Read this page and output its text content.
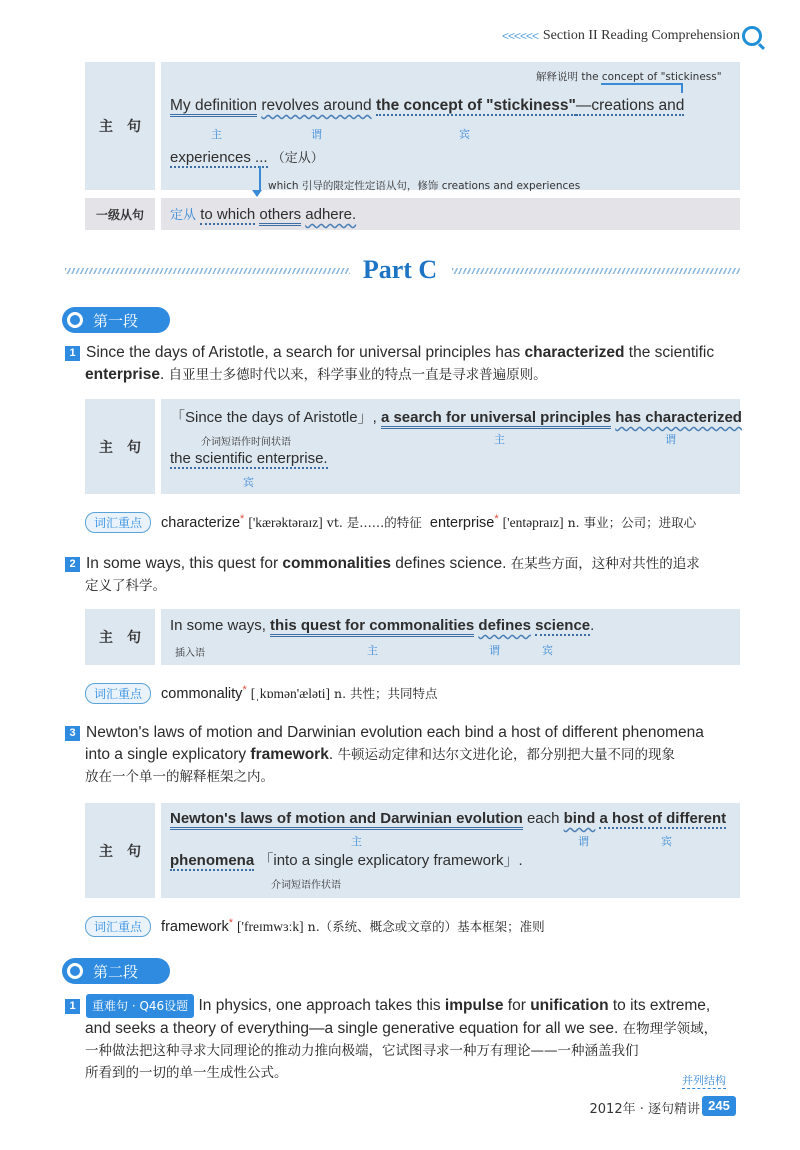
<<<<<< Section II Reading Comprehension
主　句
解释说明 the concept of "stickiness"
My definition revolves around the concept of "stickiness"—creations and
主	谓	宾
experiences ... （定从）
which 引导的限定性定语从句，修饰 creations and experiences
一级从句	定从 to which others adhere.
Part C
第一段
1 Since the days of Aristotle, a search for universal principles has characterized the scientific
enterprise. 自亚里士多德时代以来，科学事业的特点一直是寻求普遍原则。
主　句
「Since the days of Aristotle」, a search for universal principles has characterized
介词短语作时间状语	主	谓
the scientific enterprise.
宾
词汇重点 characterize* ['kærəktəraɪz] vt. 是……的特征 enterprise* ['entəpraɪz] n. 事业；公司；进取心
2 In some ways, this quest for commonalities defines science. 在某些方面，这种对共性的追求
定义了科学。
主　句
In some ways, this quest for commonalities defines science.
插入语	主	谓	宾
词汇重点 commonality* [ˌkɒmən'æləti] n. 共性；共同特点
3 Newton's laws of motion and Darwinian evolution each bind a host of different phenomena
into a single explicatory framework. 牛顿运动定律和达尔文进化论，都分别把大量不同的现象
放在一个单一的解释框架之内。
主　句
Newton's laws of motion and Darwinian evolution each bind a host of different
主	谓	宾
phenomena 「into a single explicatory framework」.
介词短语作状语
词汇重点 framework* ['freɪmwɜːk] n.（系统、概念或文章的）基本框架；准则
第二段
1 重难句 · Q46设题 In physics, one approach takes this impulse for unification to its extreme,
and seeks a theory of everything—a single generative equation for all we see. 在物理学领域，
一种做法把这种寻求大同理论的推动力推向极端，它试图寻求一种万有理论——一种涵盖我们
所看到的一切的单一生成性公式。	并列结构
2012年 · 逐句精讲 245
